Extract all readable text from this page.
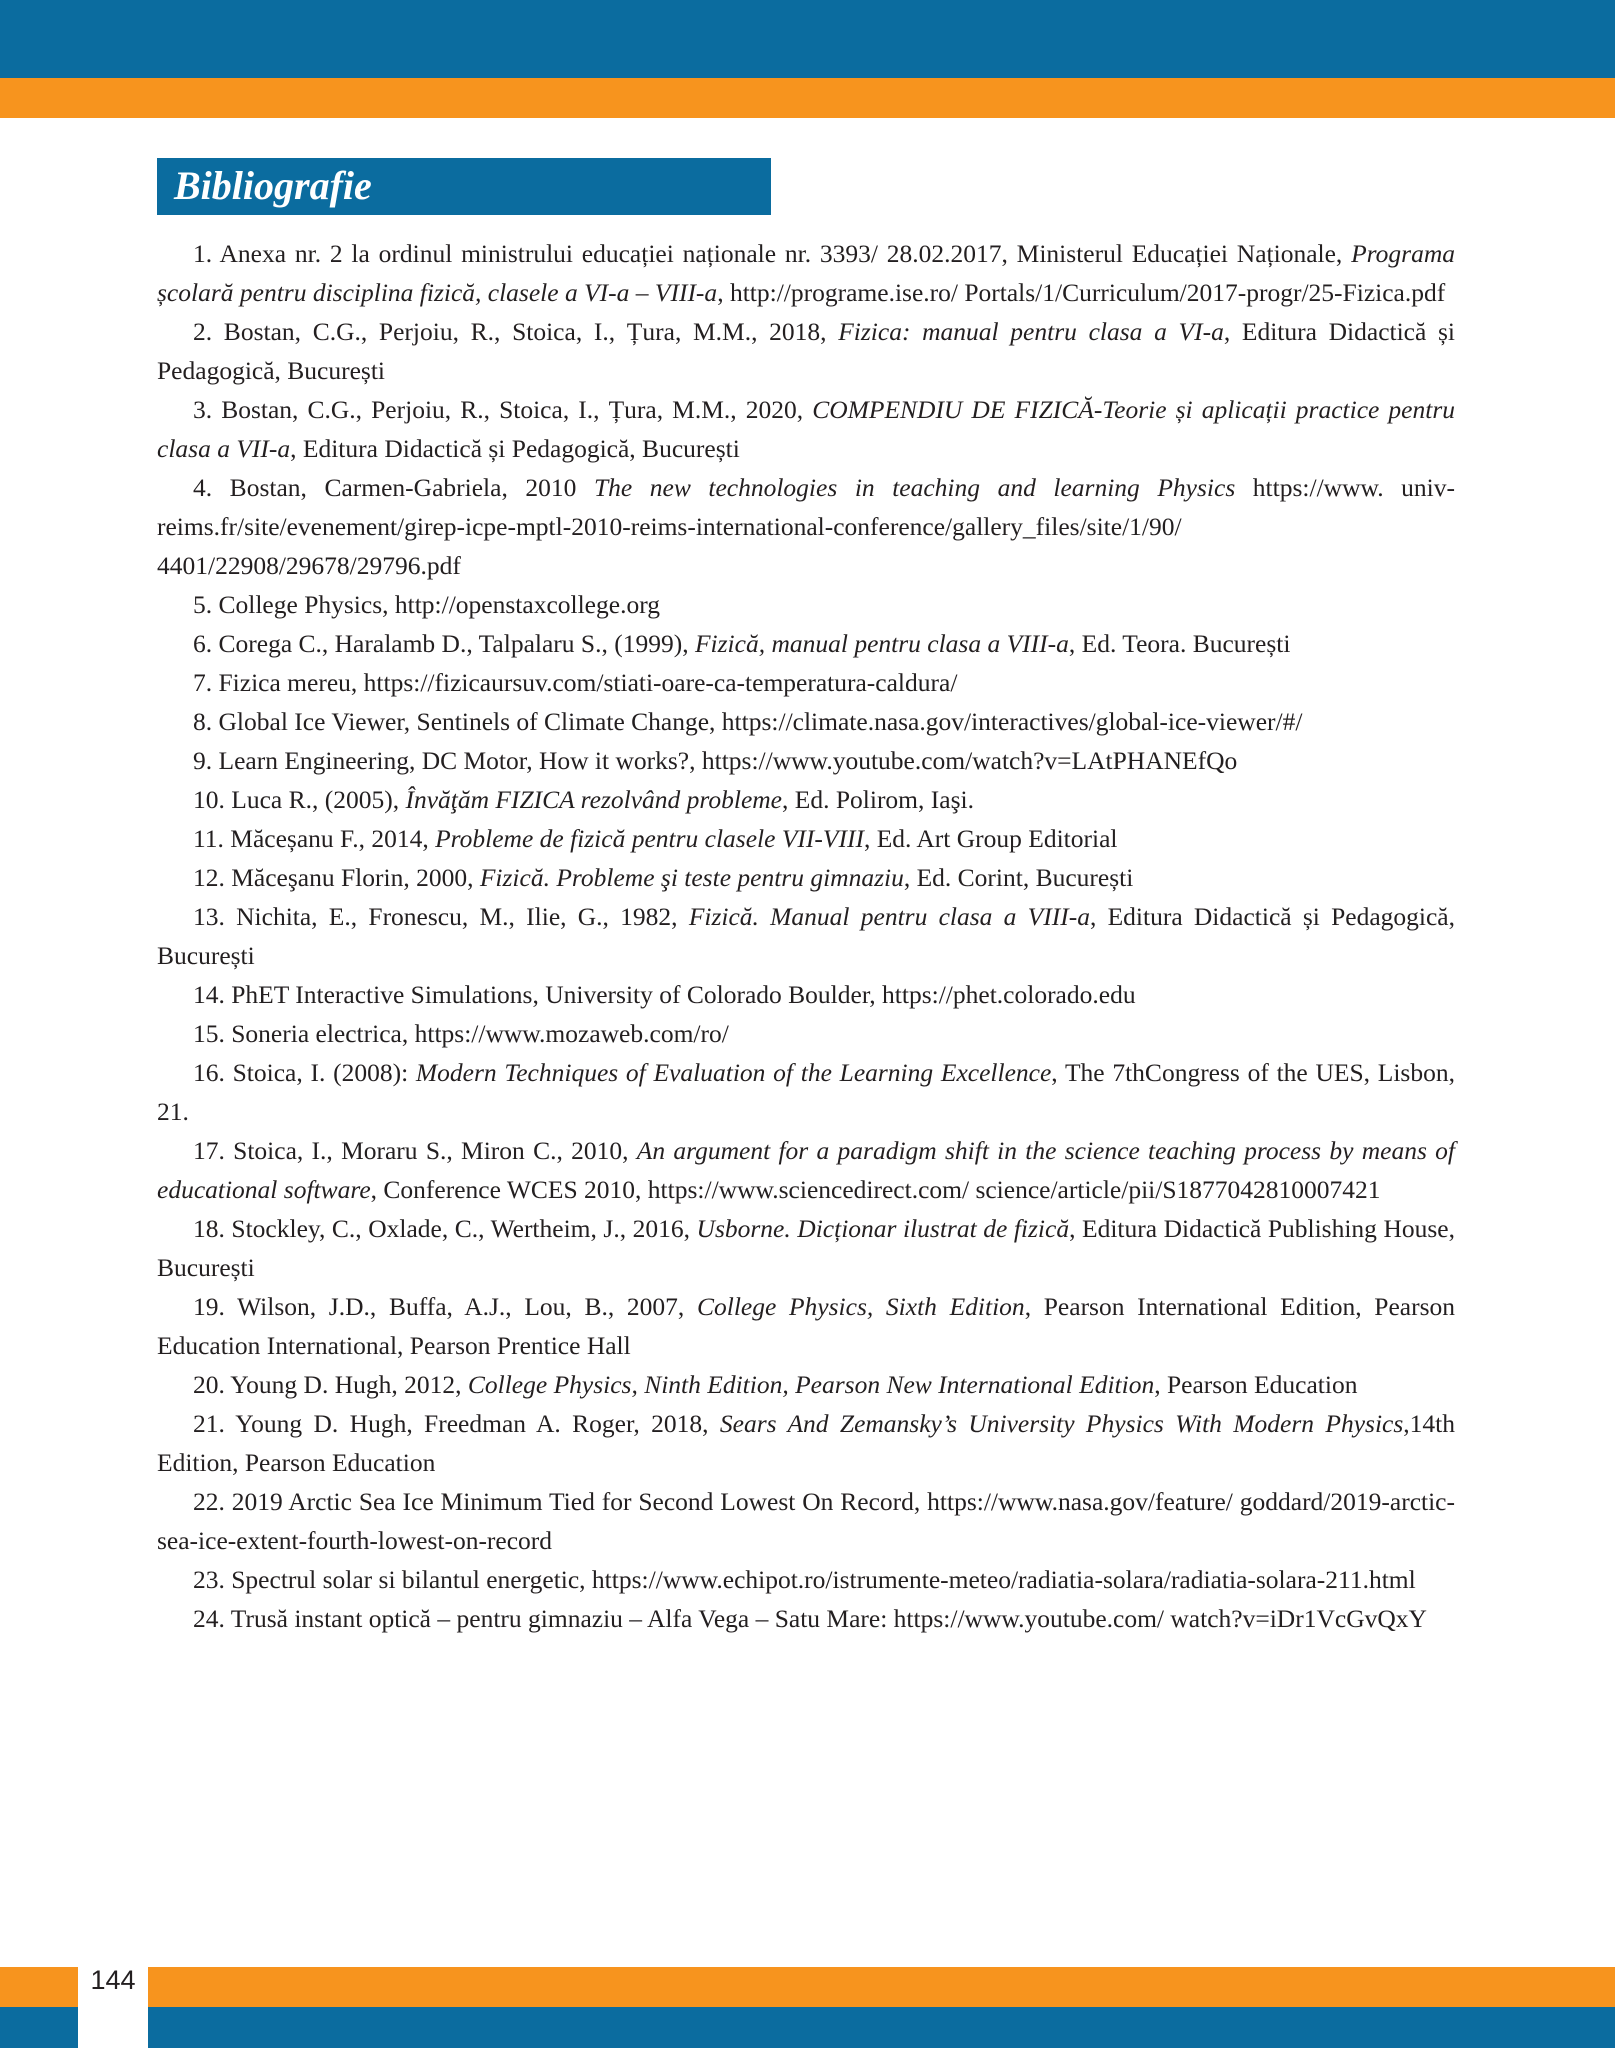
Bibliografie

1. Anexa nr. 2 la ordinul ministrului educației naționale nr. 3393/ 28.02.2017, Ministerul Educației Naționale, Programa școlară pentru disciplina fizică, clasele a VI-a – VIII-a, http://programe.ise.ro/ Portals/1/Curriculum/2017-progr/25-Fizica.pdf

2. Bostan, C.G., Perjoiu, R., Stoica, I., Țura, M.M., 2018, Fizica: manual pentru clasa a VI-a, Editura Didactică și Pedagogică, București

3. Bostan, C.G., Perjoiu, R., Stoica, I., Țura, M.M., 2020, COMPENDIU DE FIZICĂ-Teorie și aplicații practice pentru clasa a VII-a, Editura Didactică și Pedagogică, București

4. Bostan, Carmen-Gabriela, 2010 The new technologies in teaching and learning Physics https://www. univ-reims.fr/site/evenement/girep-icpe-mptl-2010-reims-international-conference/gallery_files/site/1/90/ 4401/22908/29678/29796.pdf

5. College Physics, http://openstaxcollege.org

6. Corega C., Haralamb D., Talpalaru S., (1999), Fizică, manual pentru clasa a VIII-a, Ed. Teora. București

7. Fizica mereu, https://fizicaursuv.com/stiati-oare-ca-temperatura-caldura/

8. Global Ice Viewer, Sentinels of Climate Change, https://climate.nasa.gov/interactives/global-ice-viewer/#/

9. Learn Engineering, DC Motor, How it works?, https://www.youtube.com/watch?v=LAtPHANEfQo

10. Luca R., (2005), Învăţăm FIZICA rezolvând probleme, Ed. Polirom, Iaşi.

11. Măceșanu F., 2014, Probleme de fizică pentru clasele VII-VIII, Ed. Art Group Editorial

12. Măceşanu Florin, 2000, Fizică. Probleme şi teste pentru gimnaziu, Ed. Corint, București

13. Nichita, E., Fronescu, M., Ilie, G., 1982, Fizică. Manual pentru clasa a VIII-a, Editura Didactică și Pedagogică, București

14. PhET Interactive Simulations, University of Colorado Boulder, https://phet.colorado.edu

15. Soneria electrica, https://www.mozaweb.com/ro/

16. Stoica, I. (2008): Modern Techniques of Evaluation of the Learning Excellence, The 7thCongress of the UES, Lisbon, 21.

17. Stoica, I., Moraru S., Miron C., 2010, An argument for a paradigm shift in the science teaching process by means of educational software, Conference WCES 2010, https://www.sciencedirect.com/ science/article/pii/S1877042810007421

18. Stockley, C., Oxlade, C., Wertheim, J., 2016, Usborne. Dicționar ilustrat de fizică, Editura Didactică Publishing House, București

19. Wilson, J.D., Buffa, A.J., Lou, B., 2007, College Physics, Sixth Edition, Pearson International Edition, Pearson Education International, Pearson Prentice Hall

20. Young D. Hugh, 2012, College Physics, Ninth Edition, Pearson New International Edition, Pearson Education

21. Young D. Hugh, Freedman A. Roger, 2018, Sears And Zemansky’s University Physics With Modern Physics,14th Edition, Pearson Education

22. 2019 Arctic Sea Ice Minimum Tied for Second Lowest On Record, https://www.nasa.gov/feature/ goddard/2019-arctic-sea-ice-extent-fourth-lowest-on-record

23. Spectrul solar si bilantul energetic, https://www.echipot.ro/istrumente-meteo/radiatia-solara/radiatia-solara-211.html

24. Trusă instant optică – pentru gimnaziu – Alfa Vega – Satu Mare: https://www.youtube.com/ watch?v=iDr1VcGvQxY

144
